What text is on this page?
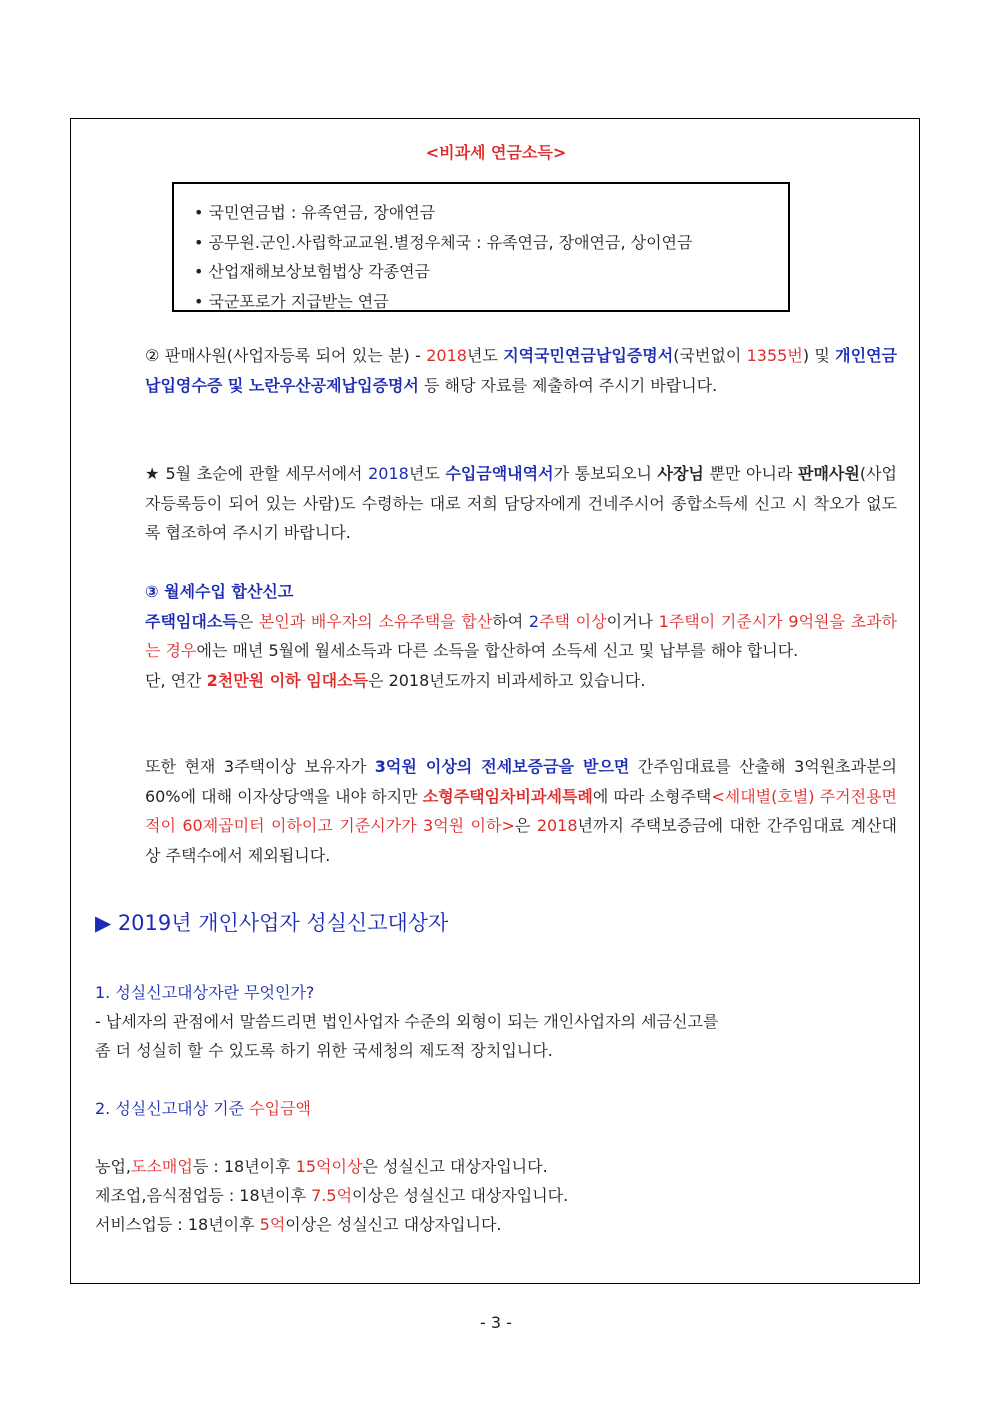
<비과세 연금소득>
• 국민연금법 : 유족연금, 장애연금
• 공무원.군인.사립학교교원.별정우체국 : 유족연금, 장애연금, 상이연금
• 산업재해보상보험법상 각종연금
• 국군포로가 지급받는 연금
② 판매사원(사업자등록 되어 있는 분) - 2018년도 지역국민연금납입증명서(국번없이 1355번) 및 개인연금납입영수증 및 노란우산공제납입증명서 등 해당 자료를 제출하여 주시기 바랍니다.
★ 5월 초순에 관할 세무서에서 2018년도 수입금액내역서가 통보되오니 사장님 뿐만 아니라 판매사원(사업자등록등이 되어 있는 사람)도 수령하는 대로 저희 담당자에게 건네주시어 종합소득세 신고 시 착오가 없도록 협조하여 주시기 바랍니다.
③ 월세수입 합산신고
주택임대소득은 본인과 배우자의 소유주택을 합산하여 2주택 이상이거나 1주택이 기준시가 9억원을 초과하는 경우에는 매년 5월에 월세소득과 다른 소득을 합산하여 소득세 신고 및 납부를 해야 합니다.
단, 연간 2천만원 이하 임대소득은 2018년도까지 비과세하고 있습니다.
또한 현재 3주택이상 보유자가 3억원 이상의 전세보증금을 받으면 간주임대료를 산출해 3억원초과분의 60%에 대해 이자상당액을 내야 하지만 소형주택임차비과세특례에 따라 소형주택<세대별(호별) 주거전용면적이 60제곱미터 이하이고 기준시가가 3억원 이하>은 2018년까지 주택보증금에 대한 간주임대료 계산대상 주택수에서 제외됩니다.
▶ 2019년 개인사업자 성실신고대상자
1. 성실신고대상자란 무엇인가?
- 납세자의 관점에서 말씀드리면 법인사업자 수준의 외형이 되는 개인사업자의 세금신고를
좀 더 성실히 할 수 있도록 하기 위한 국세청의 제도적 장치입니다.
2. 성실신고대상 기준 수입금액
농업,도소매업등 : 18년이후 15억이상은 성실신고 대상자입니다.
제조업,음식점업등 : 18년이후 7.5억이상은 성실신고 대상자입니다.
서비스업등 : 18년이후 5억이상은 성실신고 대상자입니다.
- 3 -
